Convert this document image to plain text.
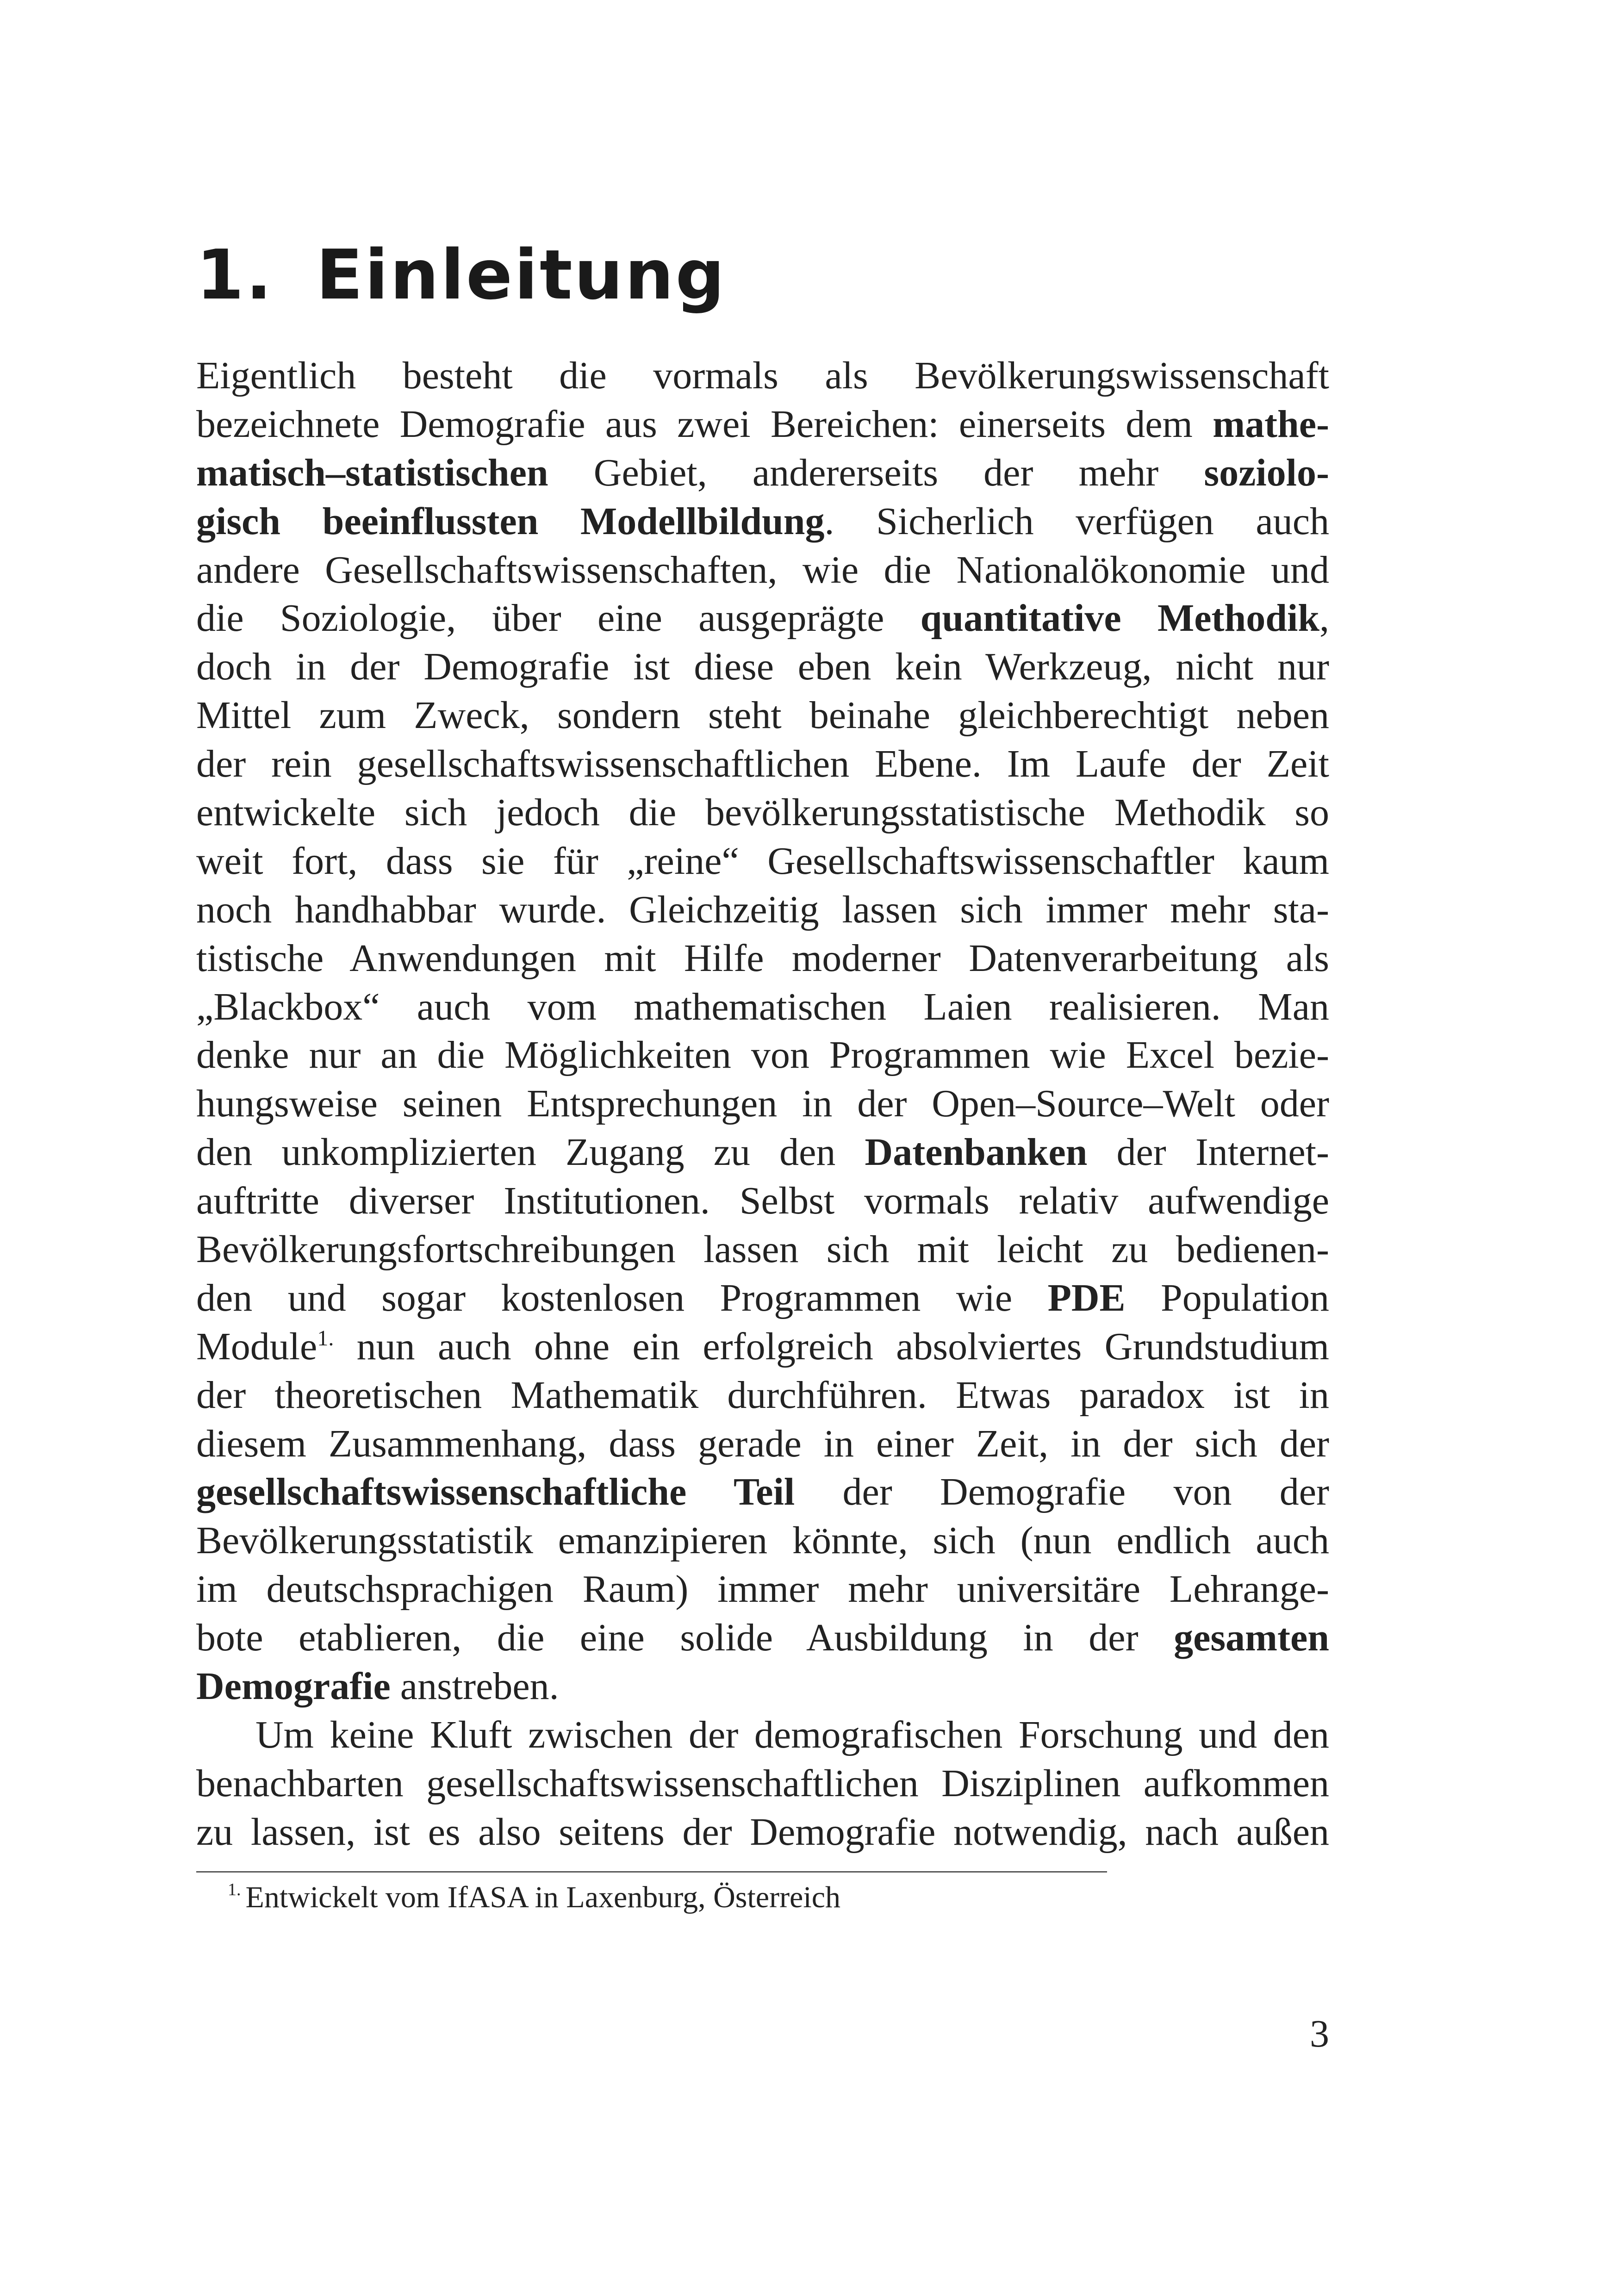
1. Einleitung
Eigentlich besteht die vormals als Bevölkerungswissenschaft
bezeichnete Demografie aus zwei Bereichen: einerseits dem mathe-
matisch–statistischen Gebiet, andererseits der mehr soziolo-
gisch beeinflussten Modellbildung. Sicherlich verfügen auch
andere Gesellschaftswissenschaften, wie die Nationalökonomie und
die Soziologie, über eine ausgeprägte quantitative Methodik,
doch in der Demografie ist diese eben kein Werkzeug, nicht nur
Mittel zum Zweck, sondern steht beinahe gleichberechtigt neben
der rein gesellschaftswissenschaftlichen Ebene. Im Laufe der Zeit
entwickelte sich jedoch die bevölkerungsstatistische Methodik so
weit fort, dass sie für „reine“ Gesellschaftswissenschaftler kaum
noch handhabbar wurde. Gleichzeitig lassen sich immer mehr sta-
tistische Anwendungen mit Hilfe moderner Datenverarbeitung als
„Blackbox“ auch vom mathematischen Laien realisieren. Man
denke nur an die Möglichkeiten von Programmen wie Excel bezie-
hungsweise seinen Entsprechungen in der Open–Source–Welt oder
den unkomplizierten Zugang zu den Datenbanken der Internet-
auftritte diverser Institutionen. Selbst vormals relativ aufwendige
Bevölkerungsfortschreibungen lassen sich mit leicht zu bedienen-
den und sogar kostenlosen Programmen wie PDE Population
Module$^{1.}$ nun auch ohne ein erfolgreich absolviertes Grundstudium
der theoretischen Mathematik durchführen. Etwas paradox ist in
diesem Zusammenhang, dass gerade in einer Zeit, in der sich der
gesellschaftswissenschaftliche Teil der Demografie von der
Bevölkerungsstatistik emanzipieren könnte, sich (nun endlich auch
im deutschsprachigen Raum) immer mehr universitäre Lehrange-
bote etablieren, die eine solide Ausbildung in der gesamten
Demografie anstreben.
Um keine Kluft zwischen der demografischen Forschung und den
benachbarten gesellschaftswissenschaftlichen Disziplinen aufkommen
zu lassen, ist es also seitens der Demografie notwendig, nach außen
$^{1.}$ Entwickelt vom IfASA in Laxenburg, Österreich
3
